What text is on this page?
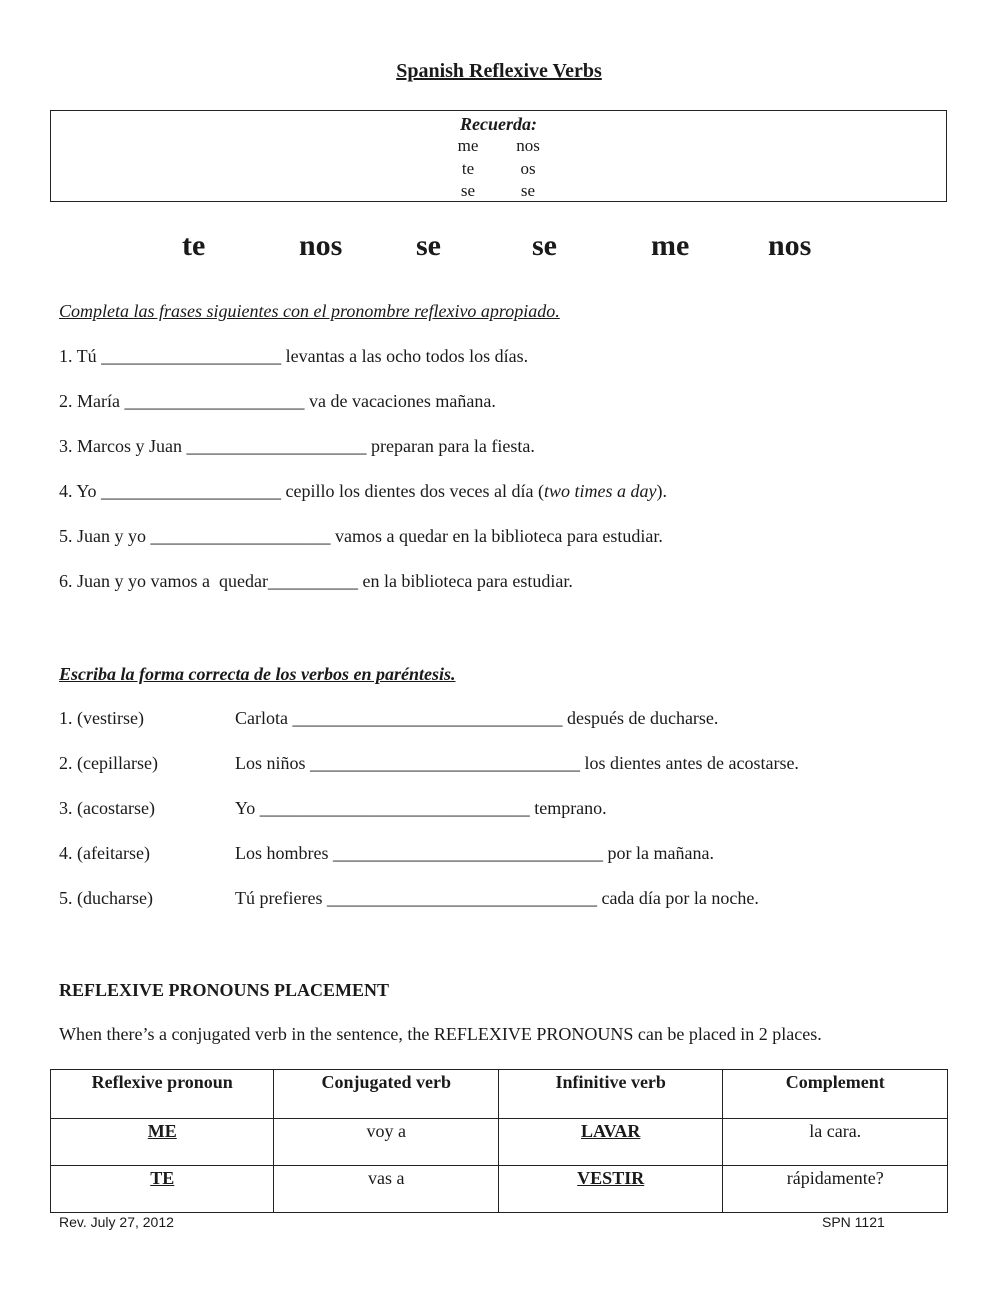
Spanish Reflexive Verbs
Recuerda:
me	nos
te	os
se	se
te	nos se	se	me	nos
Completa las frases siguientes con el pronombre reflexivo apropiado.
1. Tú ____________________ levantas a las ocho todos los días.
2. María ____________________ va de vacaciones mañana.
3. Marcos y Juan ____________________ preparan para la fiesta.
4. Yo ____________________ cepillo los dientes dos veces al día (two times a day).
5. Juan y yo ____________________ vamos a quedar en la biblioteca para estudiar.
6. Juan y yo vamos a  quedar__________ en la biblioteca para estudiar.
Escriba la forma correcta de los verbos en paréntesis.
1. (vestirse)	Carlota ______________________________ después de ducharse.
2. (cepillarse)	Los niños ______________________________ los dientes antes de acostarse.
3. (acostarse)	Yo ______________________________ temprano.
4. (afeitarse)	Los hombres ______________________________ por la mañana.
5. (ducharse)	Tú prefieres ______________________________ cada día por la noche.
REFLEXIVE PRONOUNS PLACEMENT
When there’s a conjugated verb in the sentence, the REFLEXIVE PRONOUNS can be placed in 2 places.
Reflexive pronoun	Conjugated verb	Infinitive verb	Complement
ME	voy a	LAVAR	la cara.
TE	vas a	VESTIR	rápidamente?
Rev. July 27, 2012	SPN 1121
